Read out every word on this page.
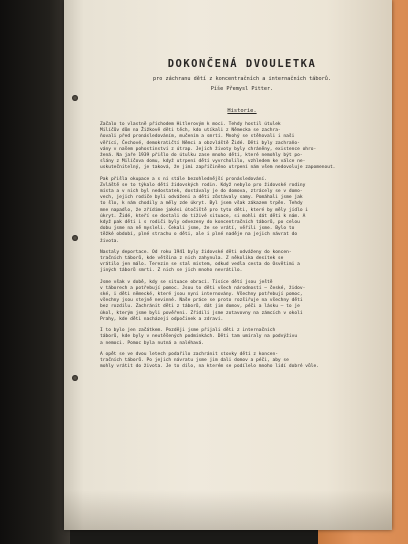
DOKONČENÁ DVOULETKA
pro záchranu dětí z koncentračních a internačních táborů.
Píše Přemysl Pitter.
Historie.
Začalo to vlastně příchodem Hitlerovým k moci. Tehdy hostil útulek
Milíčův dům na Žižkově děti těch, kdo utíkali z Německa se zachra-
ňovali před pronásledováním, mučením a smrtí. Mnohý se stěhovali i naši
věřící, Čechové, demokratičtí Němci a obzvláště Židé. Děti byly zachraňo-
vány v našem pohostinství z útrap. Jejich životy byly chráněny, existence ohro-
žená. Na jaře 1939 přišlo do útulku zase mnoho dětí, které nemohly být po-
slány z Milíčova domu, když utrpení dětí vyvrcholilo, vzhledem ke válce ne-
uskutečnitelný, je taková, že jimi zapříčiněno utrpení nám všem nedovoluje zapomenout.
Pak přišla okupace a s ní stále bezohlednější pronásledování.
Zvláště se to týkalo dětí židovských rodin. Když nebylo pro židovské rodiny
místa a v nich byl nedostatek, dostávaly je do domova, ztrácely se v domo-
vech, jejich rodiče byli odváženi a děti zůstávaly samy. Pomáhali jsme jak
to šlo, k nám chodily a měly zde úkryt. Byl jsem však zákazem trpěn. Tehdy
mne napadlo, že zřídíme jakési útočiště pro tyto děti, které by měly jídlo i
úkryt. Židé, kteří se dostali do tíživé situace, si mohli dát děti k nám. A
když pak děti i s rodiči byly odvezeny do koncentračních táborů, po celou
dobu jsme na ně mysleli. Čekali jsme, že se vrátí, věřili jsme. Bylo to
těžké období, plné strachu o děti, ale i plné naděje na jejich návrat do
života.
Nastaly deportace. Od roku 1941 byly židovské děti odváženy do koncen-
tračních táborů, kde většina z nich zahynula. Z několika desítek se
vrátilo jen málo. Terezín se stal místem, odkud vedla cesta do Osvětimi a
jiných táborů smrti. Z nich se jich mnoho nevrátilo.
Jsme však v době, kdy se situace obrací. Tisíce dětí jsou ještě
v táborech a potřebují pomoc. Jsou to děti všech národností – české, židov-
ské, i děti německé, které jsou nyní internovány. Všechny potřebují pomoc,
všechny jsou stejně nevinné. Naše práce se proto rozšiřuje na všechny děti
bez rozdílu. Zachránit děti z táborů, dát jim domov, péči a lásku – to je
úkol, kterým jsme byli pověřeni. Zřídili jsme zotavovny na zámcích v okolí
Prahy, kde děti nacházejí odpočinek a zdraví.
I to bylo jen začátkem. Později jsme přijali děti z internačních
táborů, kde byly v neutěšených podmínkách. Děti tam umíraly na podvýživu
a nemoci. Pomoc byla nutná a naléhavá.
A opět se ve dvou letech podařilo zachránit stovky dětí z koncen-
tračních táborů. Po jejich návratu jsme jim dali domov a péči, aby se
mohly vrátit do života. Je to dílo, na kterém se podílelo mnoho lidí dobré vůle.
